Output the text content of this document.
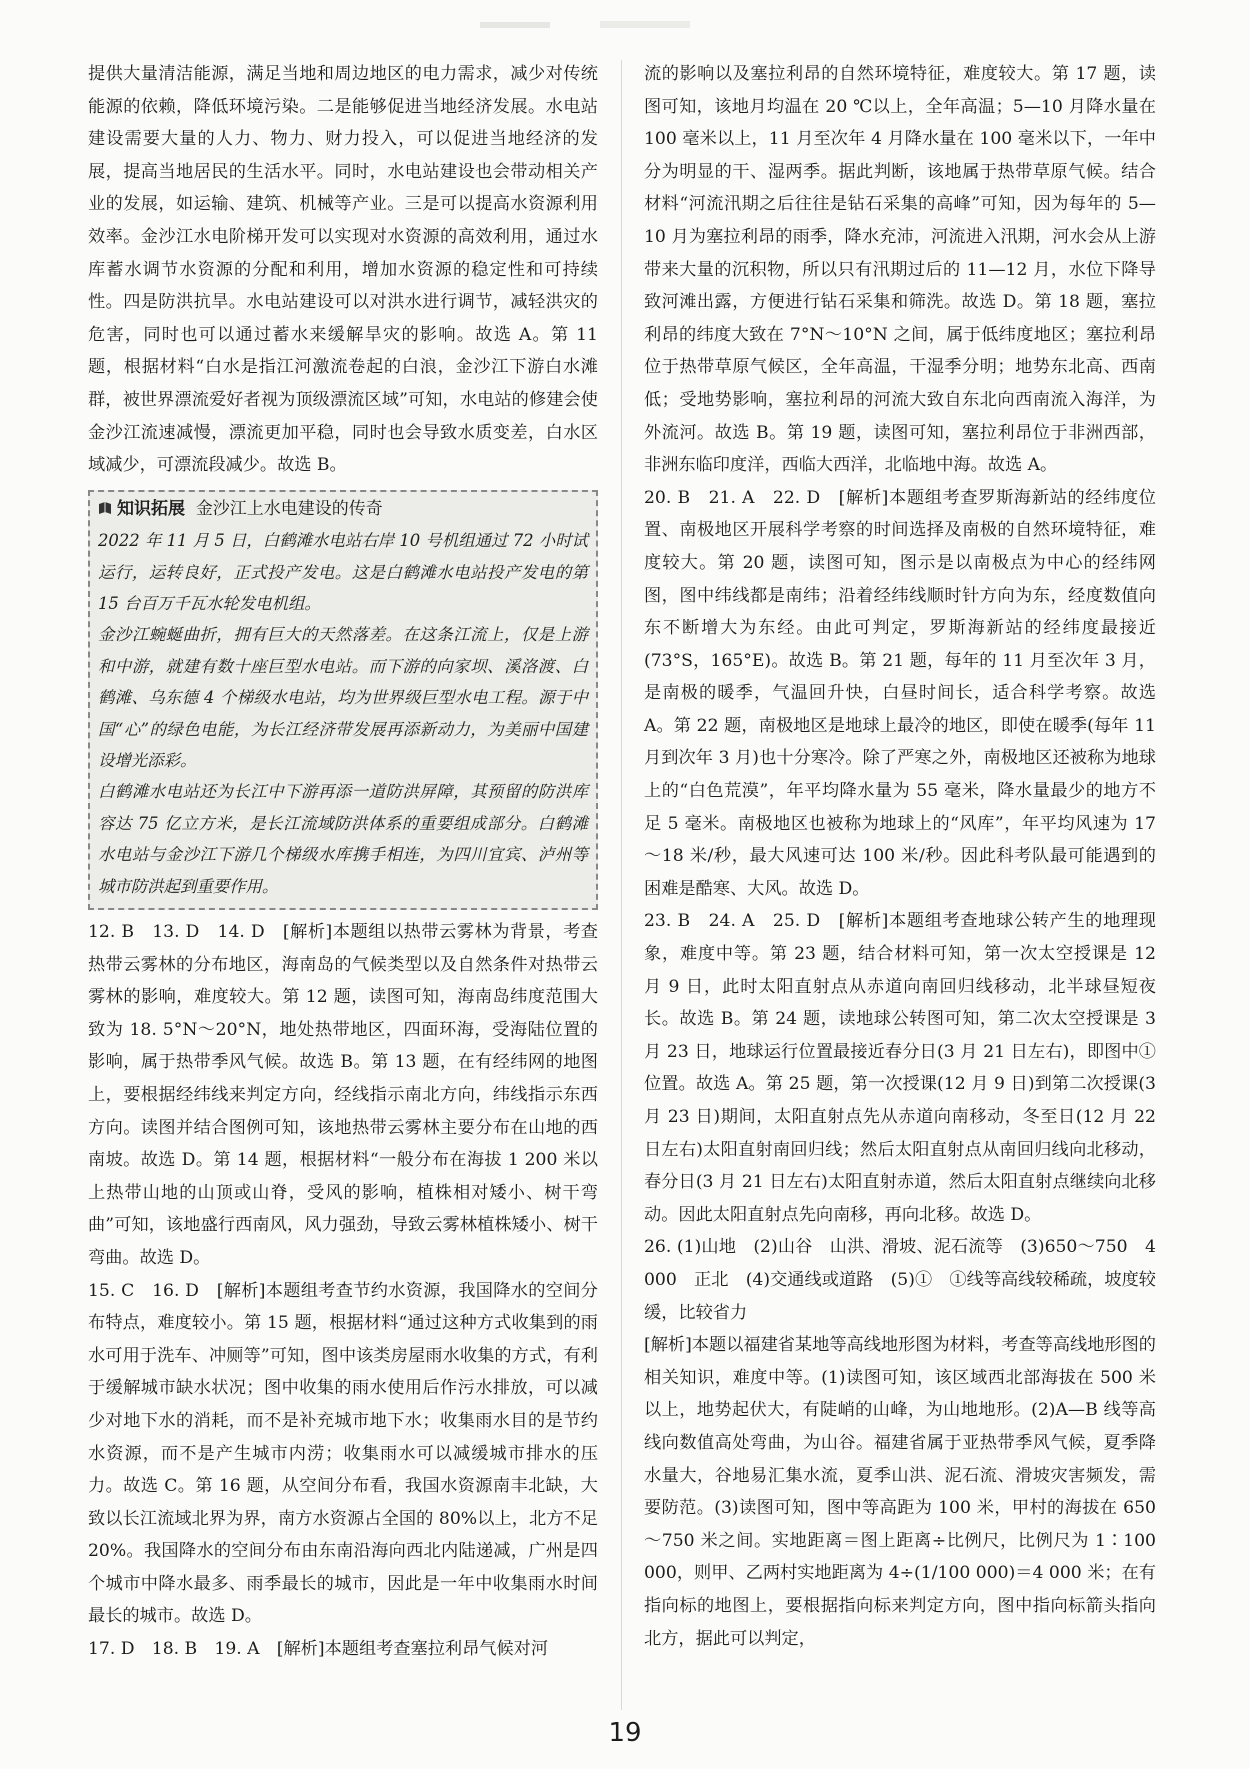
提供大量清洁能源，满足当地和周边地区的电力需求，减少对传统能源的依赖，降低环境污染。二是能够促进当地经济发展。水电站建设需要大量的人力、物力、财力投入，可以促进当地经济的发展，提高当地居民的生活水平。同时，水电站建设也会带动相关产业的发展，如运输、建筑、机械等产业。三是可以提高水资源利用效率。金沙江水电阶梯开发可以实现对水资源的高效利用，通过水库蓄水调节水资源的分配和利用，增加水资源的稳定性和可持续性。四是防洪抗旱。水电站建设可以对洪水进行调节，减轻洪灾的危害，同时也可以通过蓄水来缓解旱灾的影响。故选 A。第 11 题，根据材料“白水是指江河激流卷起的白浪，金沙江下游白水滩群，被世界漂流爱好者视为顶级漂流区域”可知，水电站的修建会使金沙江流速减慢，漂流更加平稳，同时也会导致水质变差，白水区域减少，可漂流段减少。故选 B。

知识拓展 金沙江上水电建设的传奇

2022 年 11 月 5 日，白鹤滩水电站右岸 10 号机组通过 72 小时试运行，运转良好，正式投产发电。这是白鹤滩水电站投产发电的第 15 台百万千瓦水轮发电机组。

金沙江蜿蜒曲折，拥有巨大的天然落差。在这条江流上，仅是上游和中游，就建有数十座巨型水电站。而下游的向家坝、溪洛渡、白鹤滩、乌东德 4 个梯级水电站，均为世界级巨型水电工程。源于中国“心”的绿色电能，为长江经济带发展再添新动力，为美丽中国建设增光添彩。

白鹤滩水电站还为长江中下游再添一道防洪屏障，其预留的防洪库容达 75 亿立方米，是长江流域防洪体系的重要组成部分。白鹤滩水电站与金沙江下游几个梯级水库携手相连，为四川宜宾、泸州等城市防洪起到重要作用。

12. B　13. D　14. D　[解析]本题组以热带云雾林为背景，考查热带云雾林的分布地区，海南岛的气候类型以及自然条件对热带云雾林的影响，难度较大。第 12 题，读图可知，海南岛纬度范围大致为 18. 5°N～20°N，地处热带地区，四面环海，受海陆位置的影响，属于热带季风气候。故选 B。第 13 题，在有经纬网的地图上，要根据经纬线来判定方向，经线指示南北方向，纬线指示东西方向。读图并结合图例可知，该地热带云雾林主要分布在山地的西南坡。故选 D。第 14 题，根据材料“一般分布在海拔 1 200 米以上热带山地的山顶或山脊，受风的影响，植株相对矮小、树干弯曲”可知，该地盛行西南风，风力强劲，导致云雾林植株矮小、树干弯曲。故选 D。

15. C　16. D　[解析]本题组考查节约水资源，我国降水的空间分布特点，难度较小。第 15 题，根据材料“通过这种方式收集到的雨水可用于洗车、冲厕等”可知，图中该类房屋雨水收集的方式，有利于缓解城市缺水状况；图中收集的雨水使用后作污水排放，可以减少对地下水的消耗，而不是补充城市地下水；收集雨水目的是节约水资源，而不是产生城市内涝；收集雨水可以减缓城市排水的压力。故选 C。第 16 题，从空间分布看，我国水资源南丰北缺，大致以长江流域北界为界，南方水资源占全国的 80%以上，北方不足 20%。我国降水的空间分布由东南沿海向西北内陆递减，广州是四个城市中降水最多、雨季最长的城市，因此是一年中收集雨水时间最长的城市。故选 D。

17. D　18. B　19. A　[解析]本题组考查塞拉利昂气候对河

流的影响以及塞拉利昂的自然环境特征，难度较大。第 17 题，读图可知，该地月均温在 20 ℃以上，全年高温；5—10 月降水量在 100 毫米以上，11 月至次年 4 月降水量在 100 毫米以下，一年中分为明显的干、湿两季。据此判断，该地属于热带草原气候。结合材料“河流汛期之后往往是钻石采集的高峰”可知，因为每年的 5—10 月为塞拉利昂的雨季，降水充沛，河流进入汛期，河水会从上游带来大量的沉积物，所以只有汛期过后的 11—12 月，水位下降导致河滩出露，方便进行钻石采集和筛洗。故选 D。第 18 题，塞拉利昂的纬度大致在 7°N～10°N 之间，属于低纬度地区；塞拉利昂位于热带草原气候区，全年高温，干湿季分明；地势东北高、西南低；受地势影响，塞拉利昂的河流大致自东北向西南流入海洋，为外流河。故选 B。第 19 题，读图可知，塞拉利昂位于非洲西部，非洲东临印度洋，西临大西洋，北临地中海。故选 A。

20. B　21. A　22. D　[解析]本题组考查罗斯海新站的经纬度位置、南极地区开展科学考察的时间选择及南极的自然环境特征，难度较大。第 20 题，读图可知，图示是以南极点为中心的经纬网图，图中纬线都是南纬；沿着经纬线顺时针方向为东，经度数值向东不断增大为东经。由此可判定，罗斯海新站的经纬度最接近(73°S，165°E)。故选 B。第 21 题，每年的 11 月至次年 3 月，是南极的暖季，气温回升快，白昼时间长，适合科学考察。故选 A。第 22 题，南极地区是地球上最冷的地区，即使在暖季(每年 11 月到次年 3 月)也十分寒冷。除了严寒之外，南极地区还被称为地球上的“白色荒漠”，年平均降水量为 55 毫米，降水量最少的地方不足 5 毫米。南极地区也被称为地球上的“风库”，年平均风速为 17～18 米/秒，最大风速可达 100 米/秒。因此科考队最可能遇到的困难是酷寒、大风。故选 D。

23. B　24. A　25. D　[解析]本题组考查地球公转产生的地理现象，难度中等。第 23 题，结合材料可知，第一次太空授课是 12 月 9 日，此时太阳直射点从赤道向南回归线移动，北半球昼短夜长。故选 B。第 24 题，读地球公转图可知，第二次太空授课是 3 月 23 日，地球运行位置最接近春分日(3 月 21 日左右)，即图中①位置。故选 A。第 25 题，第一次授课(12 月 9 日)到第二次授课(3 月 23 日)期间，太阳直射点先从赤道向南移动，冬至日(12 月 22 日左右)太阳直射南回归线；然后太阳直射点从南回归线向北移动，春分日(3 月 21 日左右)太阳直射赤道，然后太阳直射点继续向北移动。因此太阳直射点先向南移，再向北移。故选 D。

26. (1)山地　(2)山谷　山洪、滑坡、泥石流等　(3)650～750　4 000　正北　(4)交通线或道路　(5)①　①线等高线较稀疏，坡度较缓，比较省力

[解析]本题以福建省某地等高线地形图为材料，考查等高线地形图的相关知识，难度中等。(1)读图可知，该区域西北部海拔在 500 米以上，地势起伏大，有陡峭的山峰，为山地地形。(2)A—B 线等高线向数值高处弯曲，为山谷。福建省属于亚热带季风气候，夏季降水量大，谷地易汇集水流，夏季山洪、泥石流、滑坡灾害频发，需要防范。(3)读图可知，图中等高距为 100 米，甲村的海拔在 650～750 米之间。实地距离＝图上距离÷比例尺，比例尺为 1∶100 000，则甲、乙两村实地距离为 4÷(1/100 000)＝4 000 米；在有指向标的地图上，要根据指向标来判定方向，图中指向标箭头指向北方，据此可以判定，

19
